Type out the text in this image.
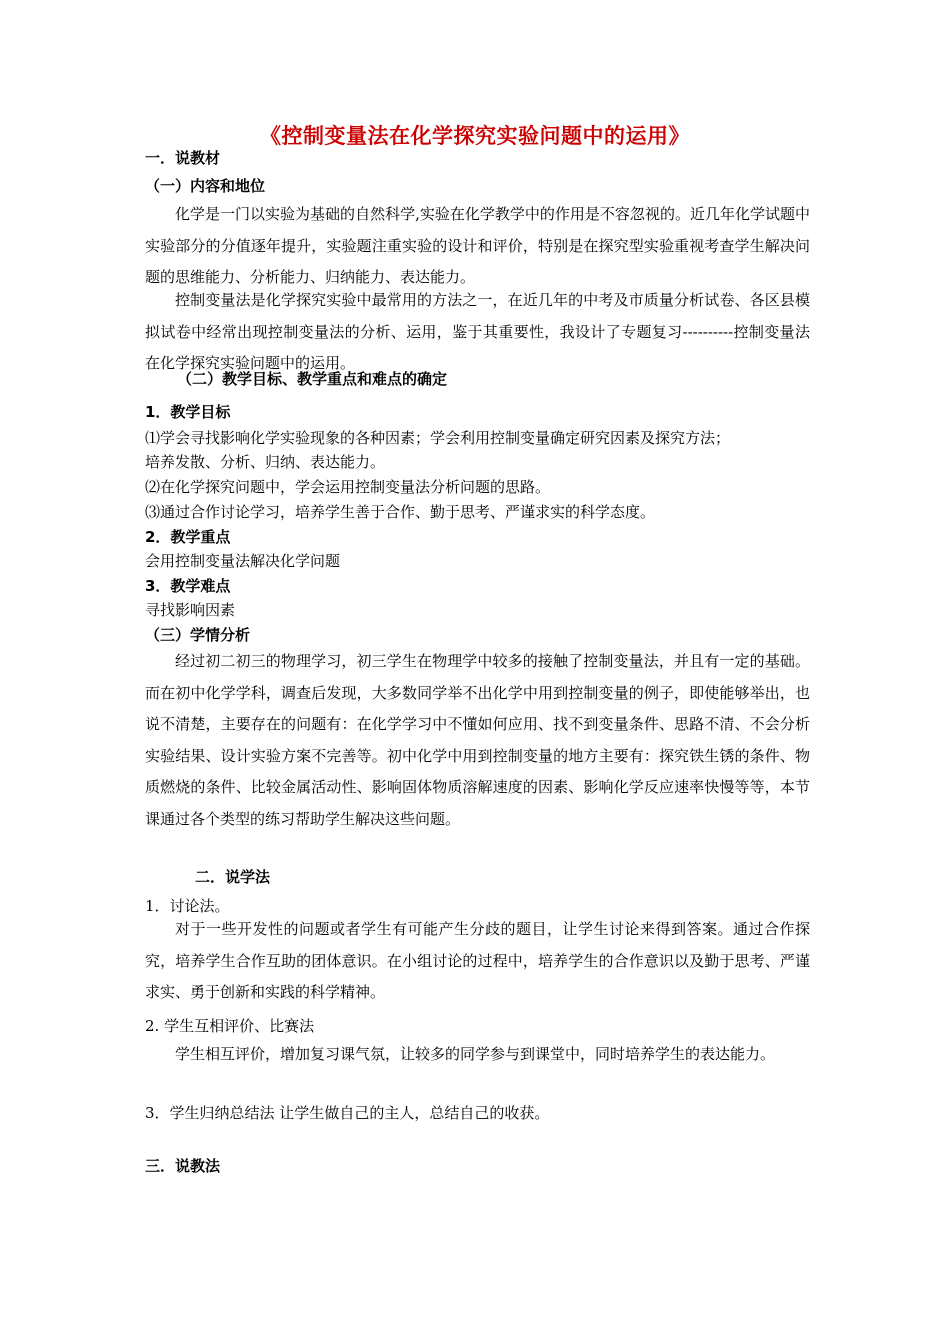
《控制变量法在化学探究实验问题中的运用》
一．说教材
（一）内容和地位

化学是一门以实验为基础的自然科学,实验在化学教学中的作用是不容忽视的。近几年化学试题中实验部分的分值逐年提升，实验题注重实验的设计和评价，特别是在探究型实验重视考查学生解决问题的思维能力、分析能力、归纳能力、表达能力。

控制变量法是化学探究实验中最常用的方法之一，在近几年的中考及市质量分析试卷、各区县模拟试卷中经常出现控制变量法的分析、运用，鉴于其重要性，我设计了专题复习----------控制变量法在化学探究实验问题中的运用。

（二）教学目标、教学重点和难点的确定
1．教学目标
⑴学会寻找影响化学实验现象的各种因素；学会利用控制变量确定研究因素及探究方法；
培养发散、分析、归纳、表达能力。
⑵在化学探究问题中，学会运用控制变量法分析问题的思路。
⑶通过合作讨论学习，培养学生善于合作、勤于思考、严谨求实的科学态度。
2．教学重点
会用控制变量法解决化学问题
3．教学难点
寻找影响因素
（三）学情分析

经过初二初三的物理学习，初三学生在物理学中较多的接触了控制变量法，并且有一定的基础。而在初中化学学科，调查后发现，大多数同学举不出化学中用到控制变量的例子，即使能够举出，也说不清楚，主要存在的问题有：在化学学习中不懂如何应用、找不到变量条件、思路不清、不会分析实验结果、设计实验方案不完善等。初中化学中用到控制变量的地方主要有：探究铁生锈的条件、物质燃烧的条件、比较金属活动性、影响固体物质溶解速度的因素、影响化学反应速率快慢等等，本节课通过各个类型的练习帮助学生解决这些问题。

二．说学法
1．讨论法。

对于一些开发性的问题或者学生有可能产生分歧的题目，让学生讨论来得到答案。通过合作探究，培养学生合作互助的团体意识。在小组讨论的过程中，培养学生的合作意识以及勤于思考、严谨求实、勇于创新和实践的科学精神。

2. 学生互相评价、比赛法

学生相互评价，增加复习课气氛，让较多的同学参与到课堂中，同时培养学生的表达能力。

3．学生归纳总结法 让学生做自己的主人，总结自己的收获。
三．说教法
